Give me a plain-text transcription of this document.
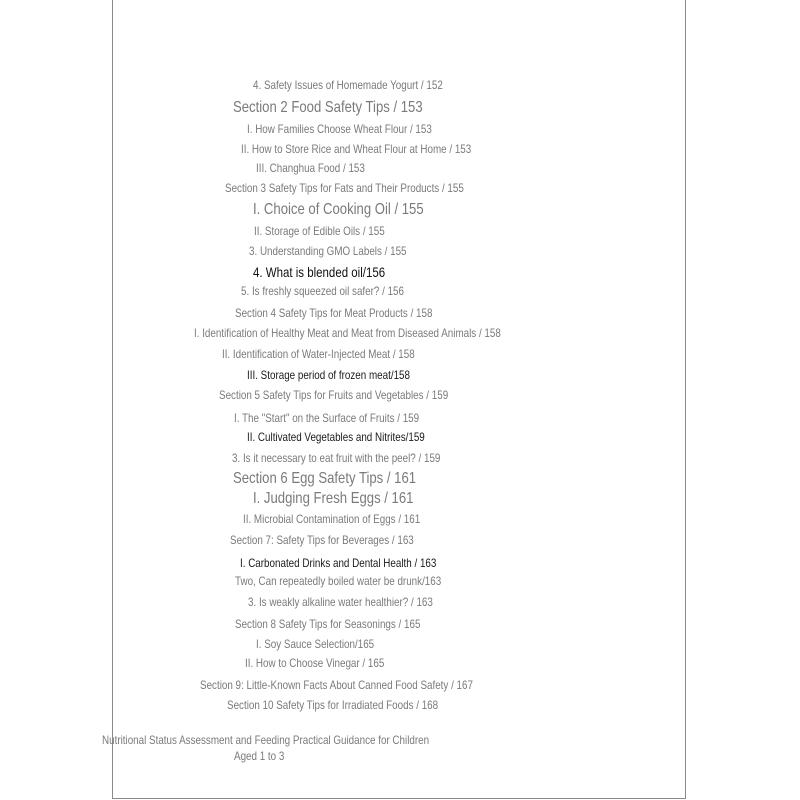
4. Safety Issues of Homemade Yogurt / 152
Section 2 Food Safety Tips / 153
I. How Families Choose Wheat Flour / 153
II. How to Store Rice and Wheat Flour at Home / 153
III. Changhua Food / 153
Section 3 Safety Tips for Fats and Their Products / 155
I. Choice of Cooking Oil / 155
II. Storage of Edible Oils / 155
3. Understanding GMO Labels / 155
4. What is blended oil/156
5. Is freshly squeezed oil safer? / 156
Section 4 Safety Tips for Meat Products / 158
I. Identification of Healthy Meat and Meat from Diseased Animals / 158
II. Identification of Water-Injected Meat / 158
III. Storage period of frozen meat/158
Section 5 Safety Tips for Fruits and Vegetables / 159
I. The "Start" on the Surface of Fruits / 159
II. Cultivated Vegetables and Nitrites/159
3. Is it necessary to eat fruit with the peel? / 159
Section 6 Egg Safety Tips / 161
I. Judging Fresh Eggs / 161
II. Microbial Contamination of Eggs / 161
Section 7: Safety Tips for Beverages / 163
I. Carbonated Drinks and Dental Health / 163
Two, Can repeatedly boiled water be drunk/163
3. Is weakly alkaline water healthier? / 163
Section 8 Safety Tips for Seasonings / 165
I. Soy Sauce Selection/165
II. How to Choose Vinegar / 165
Section 9: Little-Known Facts About Canned Food Safety / 167
Section 10 Safety Tips for Irradiated Foods / 168
Nutritional Status Assessment and Feeding Practical Guidance for Children
Aged 1 to 3
